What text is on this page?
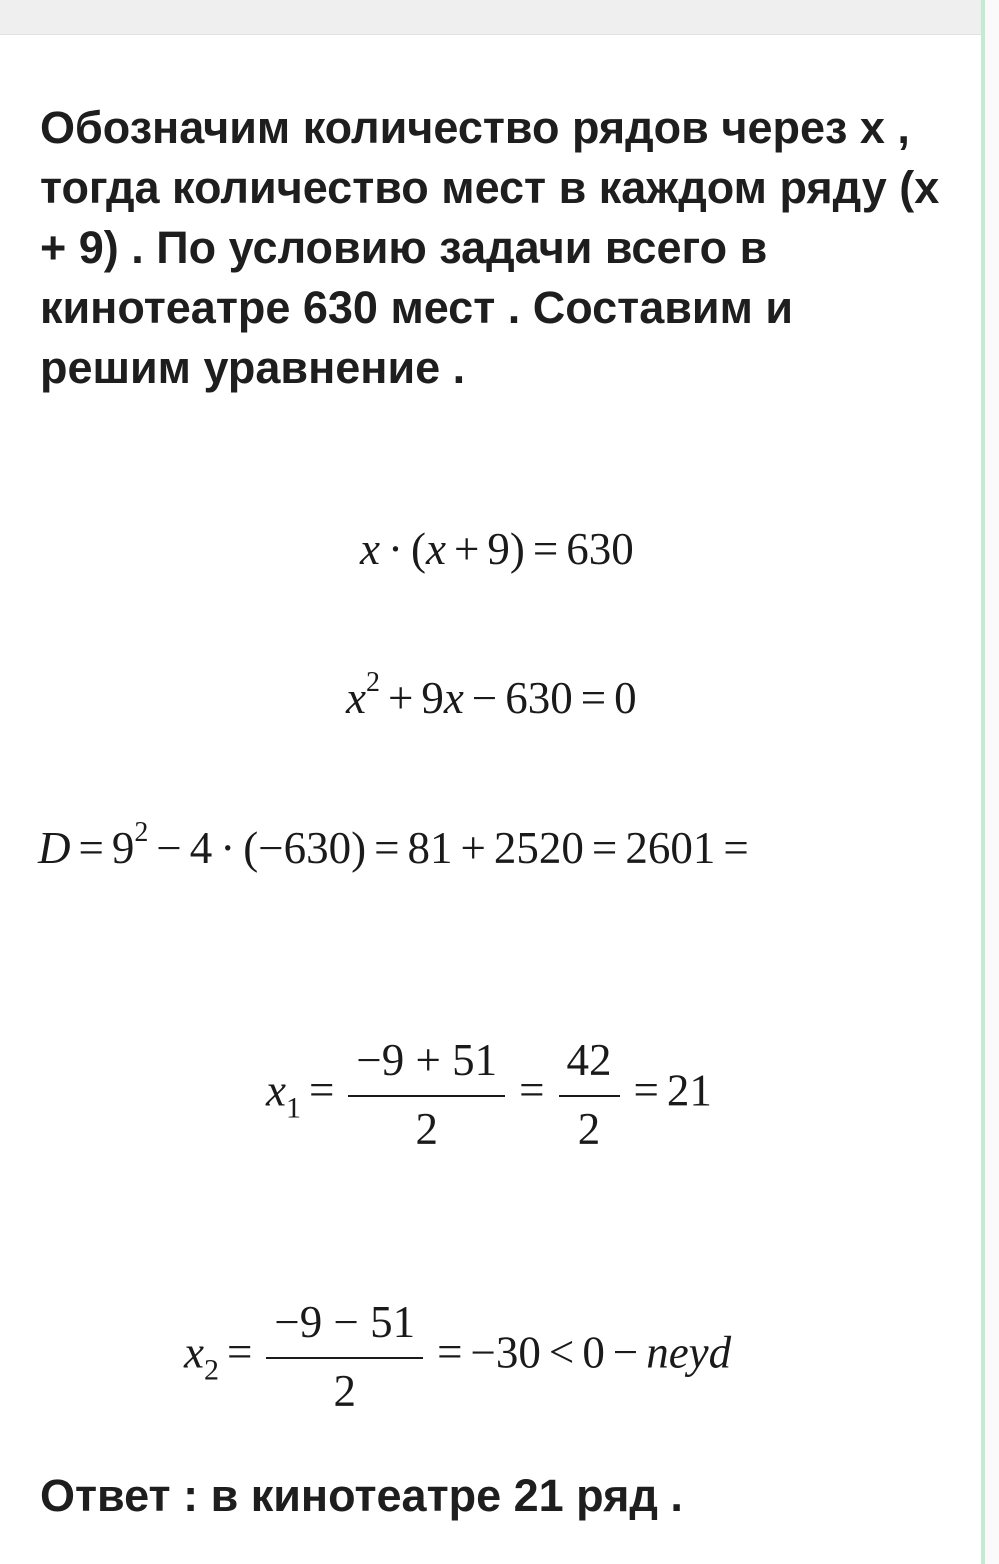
Обозначим количество рядов через х , тогда количество мест в каждом ряду (х + 9) . По условию задачи всего в кинотеатре 630 мест . Составим и решим уравнение .

x · (x + 9) = 630
$x^2 + 9x - 630 = 0$
$D = 9^2 - 4 \cdot (-630) = 81 + 2520 = 2601$ =
$x_1 = \frac{-9 + 51}{2} = \frac{42}{2} = 21$
$x_2 = \frac{-9 - 51}{2} = -30 < 0$ − neyd

Ответ : в кинотеатре 21 ряд .
